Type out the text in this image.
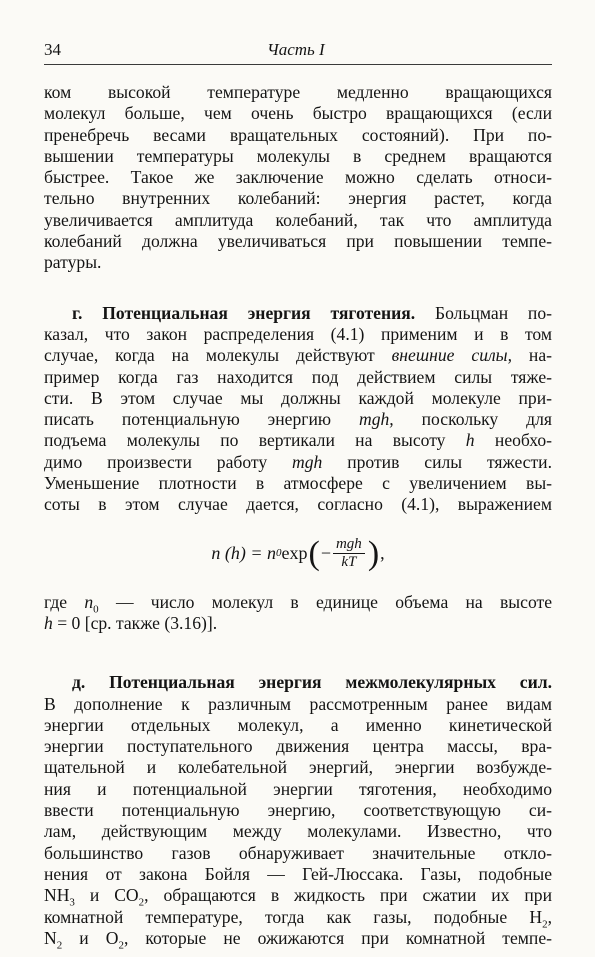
34	Часть I
ком высокой температуре медленно вращающихся
молекул больше, чем очень быстро вращающихся (если
пренебречь весами вращательных состояний). При по-
вышении температуры молекулы в среднем вращаются
быстрее. Такое же заключение можно сделать относи-
тельно внутренних колебаний: энергия растет, когда
увеличивается амплитуда колебаний, так что амплитуда
колебаний должна увеличиваться при повышении темпе-
ратуры.
г. Потенциальная энергия тяготения. Больцман по-
казал, что закон распределения (4.1) применим и в том
случае, когда на молекулы действуют внешние силы, на-
пример когда газ находится под действием силы тяже-
сти. В этом случае мы должны каждой молекуле при-
писать потенциальную энергию mgh, поскольку для
подъема молекулы по вертикали на высоту h необхо-
димо произвести работу mgh против силы тяжести.
Уменьшение плотности в атмосфере с увеличением вы-
соты в этом случае дается, согласно (4.1), выражением
n (h) = n 0 exp ( − $\frac{\text{mgh}}{kT}$ ) ,
где $n_0$ — число молекул в единице объема на высоте
h = 0 [ср. также (3.16)].
д. Потенциальная энергия межмолекулярных сил.
В дополнение к различным рассмотренным ранее видам
энергии отдельных молекул, а именно кинетической
энергии поступательного движения центра массы, вра-
щательной и колебательной энергий, энергии возбужде-
ния и потенциальной энергии тяготения, необходимо
ввести потенциальную энергию, соответствующую си-
лам, действующим между молекулами. Известно, что
большинство газов обнаруживает значительные откло-
нения от закона Бойля — Гей-Люссака. Газы, подобные
$NH_3$ и $CO_2$, обращаются в жидкость при сжатии их при
комнатной температуре, тогда как газы, подобные $H_2$,
$N_2$ и $O_2$, которые не ожижаются при комнатной темпе-
